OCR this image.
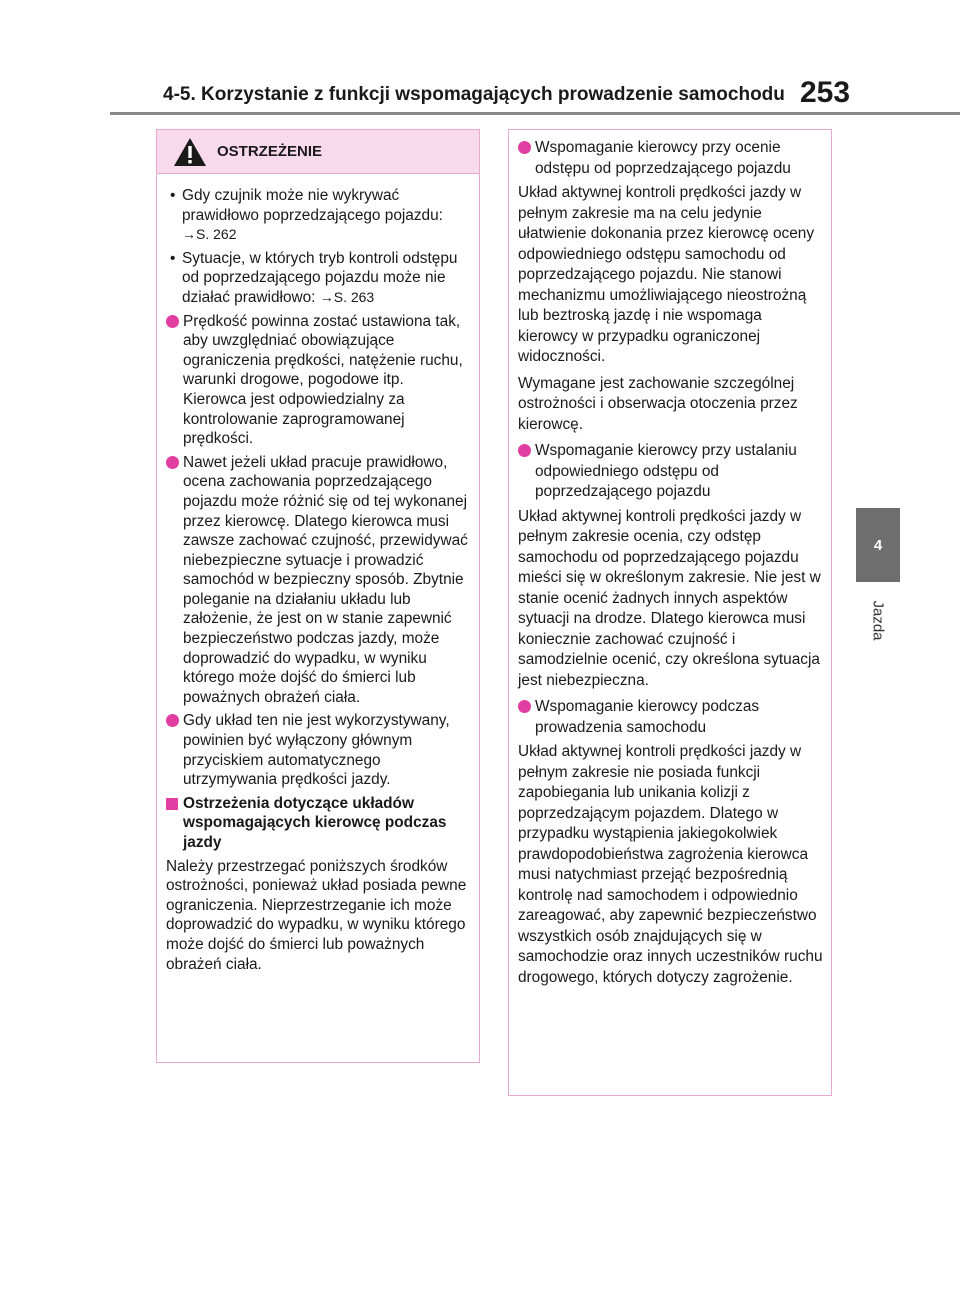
4-5. Korzystanie z funkcji wspomagających prowadzenie samochodu 253
4
Jazda
OSTRZEŻENIE
• Gdy czujnik może nie wykrywać prawidłowo poprzedzającego pojazdu: →S. 262
• Sytuacje, w których tryb kontroli odstępu od poprzedzającego pojazdu może nie działać prawidłowo: →S. 263
Prędkość powinna zostać ustawiona tak, aby uwzględniać obowiązujące ograniczenia prędkości, natężenie ruchu, warunki drogowe, pogodowe itp. Kierowca jest odpowiedzialny za kontrolowanie zaprogramowanej prędkości.
Nawet jeżeli układ pracuje prawidłowo, ocena zachowania poprzedzającego pojazdu może różnić się od tej wykonanej przez kierowcę. Dlatego kierowca musi zawsze zachować czujność, przewidywać niebezpieczne sytuacje i prowadzić samochód w bezpieczny sposób. Zbytnie poleganie na działaniu układu lub założenie, że jest on w stanie zapewnić bezpieczeństwo podczas jazdy, może doprowadzić do wypadku, w wyniku którego może dojść do śmierci lub poważnych obrażeń ciała.
Gdy układ ten nie jest wykorzystywany, powinien być wyłączony głównym przyciskiem automatycznego utrzymywania prędkości jazdy.
Ostrzeżenia dotyczące układów wspomagających kierowcę podczas jazdy

Należy przestrzegać poniższych środków ostrożności, ponieważ układ posiada pewne ograniczenia. Nieprzestrzeganie ich może doprowadzić do wypadku, w wyniku którego może dojść do śmierci lub poważnych obrażeń ciała.

Wspomaganie kierowcy przy ocenie odstępu od poprzedzającego pojazdu

Układ aktywnej kontroli prędkości jazdy w pełnym zakresie ma na celu jedynie ułatwienie dokonania przez kierowcę oceny odpowiedniego odstępu samochodu od poprzedzającego pojazdu. Nie stanowi mechanizmu umożliwiającego nieostrożną lub beztroską jazdę i nie wspomaga kierowcy w przypadku ograniczonej widoczności.

Wymagane jest zachowanie szczególnej ostrożności i obserwacja otoczenia przez kierowcę.

Wspomaganie kierowcy przy ustalaniu odpowiedniego odstępu od poprzedzającego pojazdu

Układ aktywnej kontroli prędkości jazdy w pełnym zakresie ocenia, czy odstęp samochodu od poprzedzającego pojazdu mieści się w określonym zakresie. Nie jest w stanie ocenić żadnych innych aspektów sytuacji na drodze. Dlatego kierowca musi koniecznie zachować czujność i samodzielnie ocenić, czy określona sytuacja jest niebezpieczna.

Wspomaganie kierowcy podczas prowadzenia samochodu

Układ aktywnej kontroli prędkości jazdy w pełnym zakresie nie posiada funkcji zapobiegania lub unikania kolizji z poprzedzającym pojazdem. Dlatego w przypadku wystąpienia jakiegokolwiek prawdopodobieństwa zagrożenia kierowca musi natychmiast przejąć bezpośrednią kontrolę nad samochodem i odpowiednio zareagować, aby zapewnić bezpieczeństwo wszystkich osób znajdujących się w samochodzie oraz innych uczestników ruchu drogowego, których dotyczy zagrożenie.
